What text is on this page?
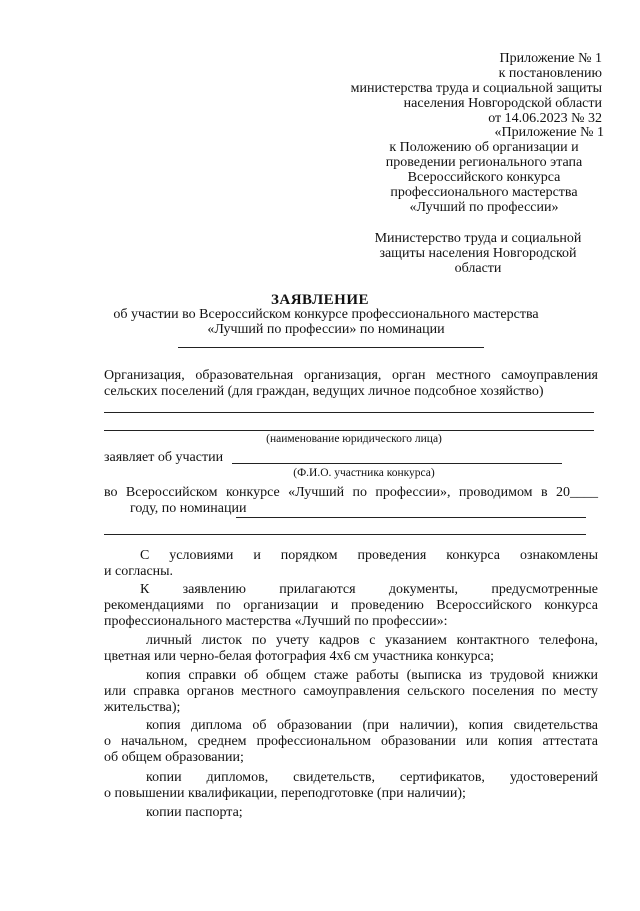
Приложение № 1
к постановлению
министерства труда и социальной защиты
населения Новгородской области
от 14.06.2023 № 32
«Приложение № 1
к Положению об организации и
проведении регионального этапа
Всероссийского конкурса
профессионального мастерства
«Лучший по профессии»
Министерство труда и социальной
защиты населения Новгородской
области
ЗАЯВЛЕНИЕ
об участии во Всероссийском конкурсе профессионального мастерства
«Лучший по профессии» по номинации
Организация, образовательная организация, орган местного самоуправления
сельских поселений (для граждан, ведущих личное подсобное хозяйство)
(наименование юридического лица)
заявляет об участии
(Ф.И.О. участника конкурса)
во Всероссийском конкурсе «Лучший по профессии», проводимом в 20____
году, по номинации
С условиями и порядком проведения конкурса ознакомлены
и согласны.
К заявлению прилагаются документы, предусмотренные
рекомендациями по организации и проведению Всероссийского конкурса
профессионального мастерства «Лучший по профессии»:
личный листок по учету кадров с указанием контактного телефона,
цветная или черно-белая фотография 4х6 см участника конкурса;
копия справки об общем стаже работы (выписка из трудовой книжки
или справка органов местного самоуправления сельского поселения по месту
жительства);
копия диплома об образовании (при наличии), копия свидетельства
о начальном, среднем профессиональном образовании или копия аттестата
об общем образовании;
копии дипломов, свидетельств, сертификатов, удостоверений
о повышении квалификации, переподготовке (при наличии);
копии паспорта;
